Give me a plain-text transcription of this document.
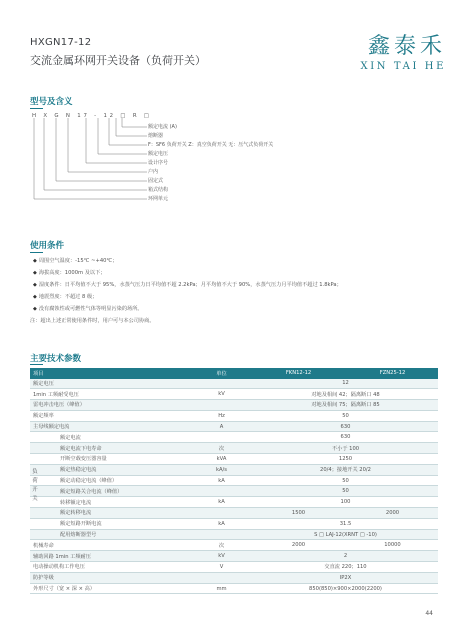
HXGN17-12
交流金属环网开关设备（负荷开关）
鑫泰禾
XIN TAI HE
型号及含义
H X G N 17 - 12 □ R □
额定电流 (A)
熔断器
F：SF6 负荷开关 Z：真空负荷开关 无：压气式负荷开关
额定电压
设计序号
户内
固定式
箱式结构
环网单元
使用条件
◆ 周围空气温度：-15℃ ~+40℃；
◆ 海拔高度：1000m 及以下；
◆ 湿度条件：日平均值不大于 95%，水蒸气压力日平均值不超 2.2kPa；月平均值不大于 90%，水蒸气压力月平均值不超过 1.8kPa；
◆ 地震烈度：不超过 8 级；
◆ 没有腐蚀性或可燃性气体等明显污染的场所。
注：超出上述正常使用条件时，用户可与本公司协商。
主要技术参数
项目	单位	FKN12-12	FZN25-12
额定电压		12	
1min 工频耐受电压	kV	对地及相间 42；隔离断口 48	
雷电冲击电压（峰值）		对地及相间 75；隔离断口 85	
额定频率	Hz	50	
主母线额定电流	A	630	
额定电流		630	
额定电流下电寿命	次	不小于 100	
开断空载变压器容量	kVA	1250	
额定热稳定电流	kA/s	20/4；接地开关 20/2	
额定动稳定电流（峰值）	kA	50	
额定短路关合电流（峰值）		50	
转移额定电流	kA	100	
额定转移电流		1500	2000
额定短路开断电流	kA	31.5	
配用熔断器型号		S □ LAJ-12(XRNT □ -10)	
机械寿命	次	2000	10000
辅助回路 1min 工频耐压	kV	2	
电动操动机构工作电压	V	交直流 220；110	
防护等级		IP2X	
外形尺寸（宽 × 深 × 高）	mm	850(850)×900×2000(2200)	
负荷开关
44
